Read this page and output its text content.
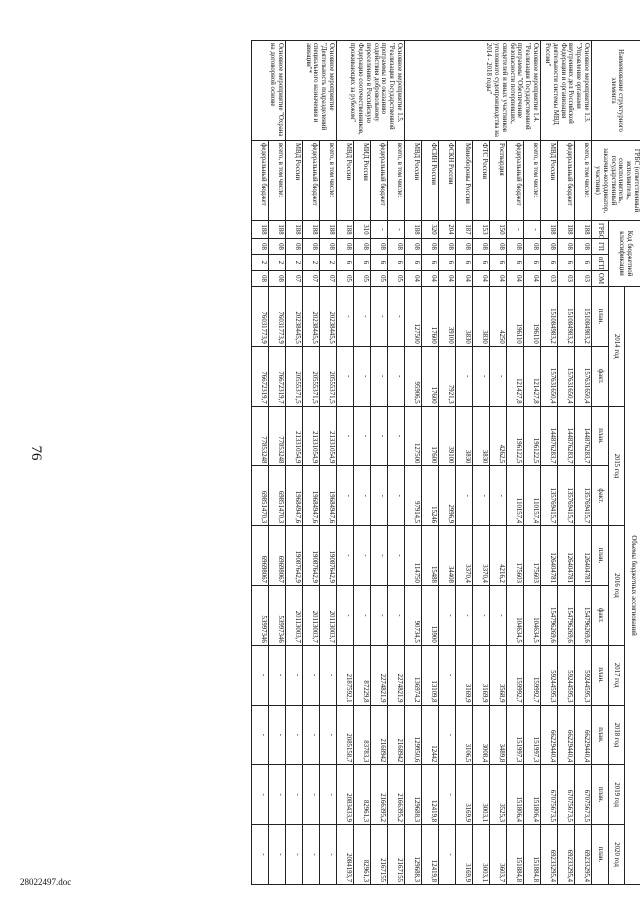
76
Наименование структурного элемента	ГРБС (ответственный исполнитель, соисполнитель, государственный заказчик-координатор, участник)	Код бюджетной классификации				Объемы бюджетных ассигнований									
						2014 год		2015 год		2016 год		2017 год	2018 год	2019 год	2020 год
		ГРБС	ГП	пГП	ОМ	план.	факт.	план.	факт.	план.	факт.	план.	план.	план.	план.
Основное мероприятие 1.3. "Управление органами внутренних дел Российской Федерации и организация деятельности системы МВД России"	всего, в том числе:	188	08	6	03	151084983,2	157631650,4	144876283,7	135769415,7	126404781	154796269,6	59244595,3	66229440,4	67075673,5	69233295,4
	федеральный бюджет	188	08	6	03	151084983,2	157631650,4	144876283,7	135769415,7	126404781	154796269,6	59244595,3	66229440,4	67075673,5	69233295,4
	МВД России	188	08	6	03	151084983,2	157631650,4	144876283,7	135769415,7	126404781	154796269,6	59244595,3	66229440,4	67075673,5	69233295,4
Основное мероприятие 1.4. "Реализация Государственной программы "Обеспечение безопасности потерпевших, свидетелей и иных участников уголовного судопроизводства на 2014 - 2018 годы"	всего, в том числе:	-	08	6	04	196110	121427,8	196122,5	110157,4	175603	104634,5	159992,7	151997,3	151806,4	151884,8
	федеральный бюджет	-	08	6	04	196110	121427,8	196122,5	110157,4	175603	104634,5	159992,7	151997,3	151806,4	151884,8
	Росгвардия	150	08	6	04	4250	-	4262,5	-	4216,2	-	3568,9	3489,8	3525,3	3603,7
	ФТС России	153	08	6	04	3830	-	3830	-	3370,4	-	3169,9	3008,4	3003,1	3003,1
	Минобороны России	187	08	6	04	3830	-	3830	-	3370,4	-	3169,9	3106,5	3169,9	3169,9
	ФСКН России	204	08	6	04	39100	7921,3	39100	2996,9	34408	-	-	-	-	-
	ФСИН России	320	08	6	04	17600	17600	17600	15246	15488	13900	13109,8	12442	12419,8	12419,8
	МВД России	188	08	6	04	127500	95906,5	127500	97914,5	114750	90734,5	136974,2	129950,6	129688,3	129688,3
Основное мероприятие 1.5. "Реализация Государственной программы по оказанию содействия добровольному переселению в Российскую Федерацию соотечественников, проживающих за рубежом"	всего, в том числе:	-	08	6	05	-	-	-	-	-	-	2274821,9	2168942	2166395,2	2167155
	федеральный бюджет	-	08	6	05	-	-	-	-	-	-	2274821,9	2168942	2166395,2	2167155
	МИД России	310	08	6	05	-	-	-	-	-	-	87229,8	83783,3	82961,3	82961,3
	МВД России	188	08	6	05	-	-	-	-	-	-	2187592,1	2085158,7	2083433,9	2084193,7
Основное мероприятие "Деятельность подразделений специального назначения и авиации"*	всего, в том числе:	188	08	2	07	20238445,5	20555371,5	21331054,9	19684947,6	19087642,9	20113003,7	-	-	-	-
	федеральный бюджет	188	08	2	07	20238445,5	20555371,5	21331054,9	19684947,6	19087642,9	20113003,7	-	-	-	-
	МВД России	188	08	2	07	20238445,5	20555371,5	21331054,9	19684947,6	19087642,9	20113003,7	-	-	-	-
Основное мероприятие "Охрана на договорной основе	всего, в том числе:	188	08	2	08	76031773,9	76672319,7	77853248	69851470,3	69698067	53997346	-	-	-	-
	федеральный бюджет	188	08	2	08	76031773,9	76672319,7	77853248	69851470,3	69698067	53997346	-	-	-	-
28022497.doc
